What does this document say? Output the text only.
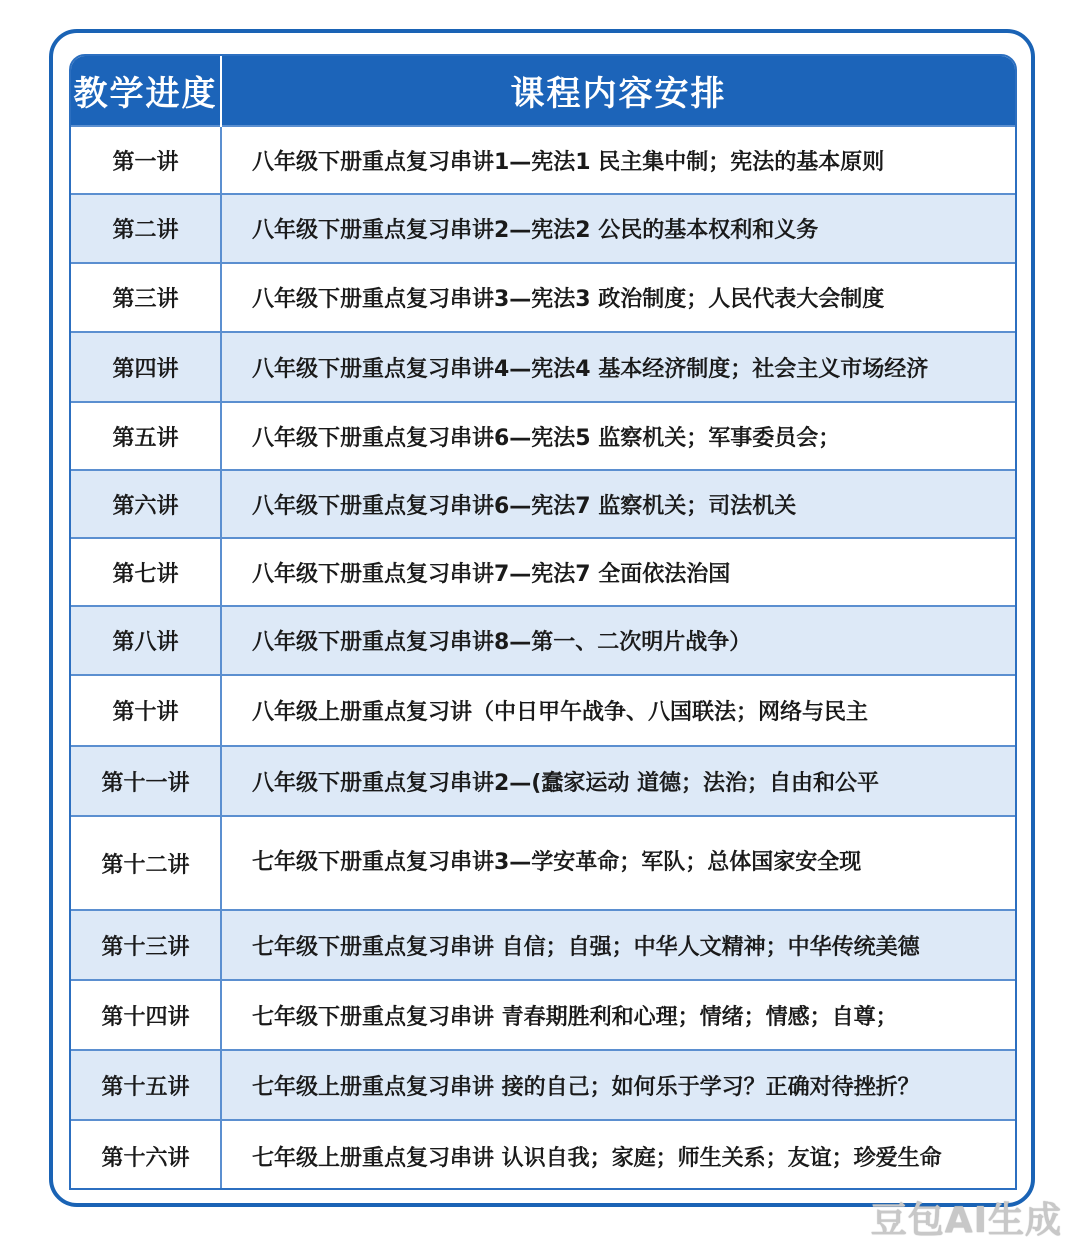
教学进度	课程内容安排
第一讲	八年级下册重点复习串讲1—宪法1 民主集中制；宪法的基本原则
第二讲	八年级下册重点复习串讲2—宪法2 公民的基本权利和义务
第三讲	八年级下册重点复习串讲3—宪法3 政治制度；人民代表大会制度
第四讲	八年级下册重点复习串讲4—宪法4 基本经济制度；社会主义市场经济
第五讲	八年级下册重点复习串讲6—宪法5 监察机关；军事委员会；
第六讲	八年级下册重点复习串讲6—宪法7 监察机关；司法机关
第七讲	八年级下册重点复习串讲7—宪法7 全面依法治国
第八讲	八年级下册重点复习串讲8—第一、二次明片战争）
第十讲	八年级上册重点复习讲（中日甲午战争、八国联法；网络与民主
第十一讲	八年级下册重点复习串讲2—(蠢家运动 道德；法治；自由和公平
第十二讲	七年级下册重点复习串讲3—学安革命；军队；总体国家安全现
第十三讲	七年级下册重点复习串讲 自信；自强；中华人文精神；中华传统美德
第十四讲	七年级下册重点复习串讲 青春期胜利和心理；情绪；情感；自尊；
第十五讲	七年级上册重点复习串讲 接的自己；如何乐于学习？正确对待挫折？
第十六讲	七年级上册重点复习串讲 认识自我；家庭；师生关系；友谊；珍爱生命
豆包AI生成
